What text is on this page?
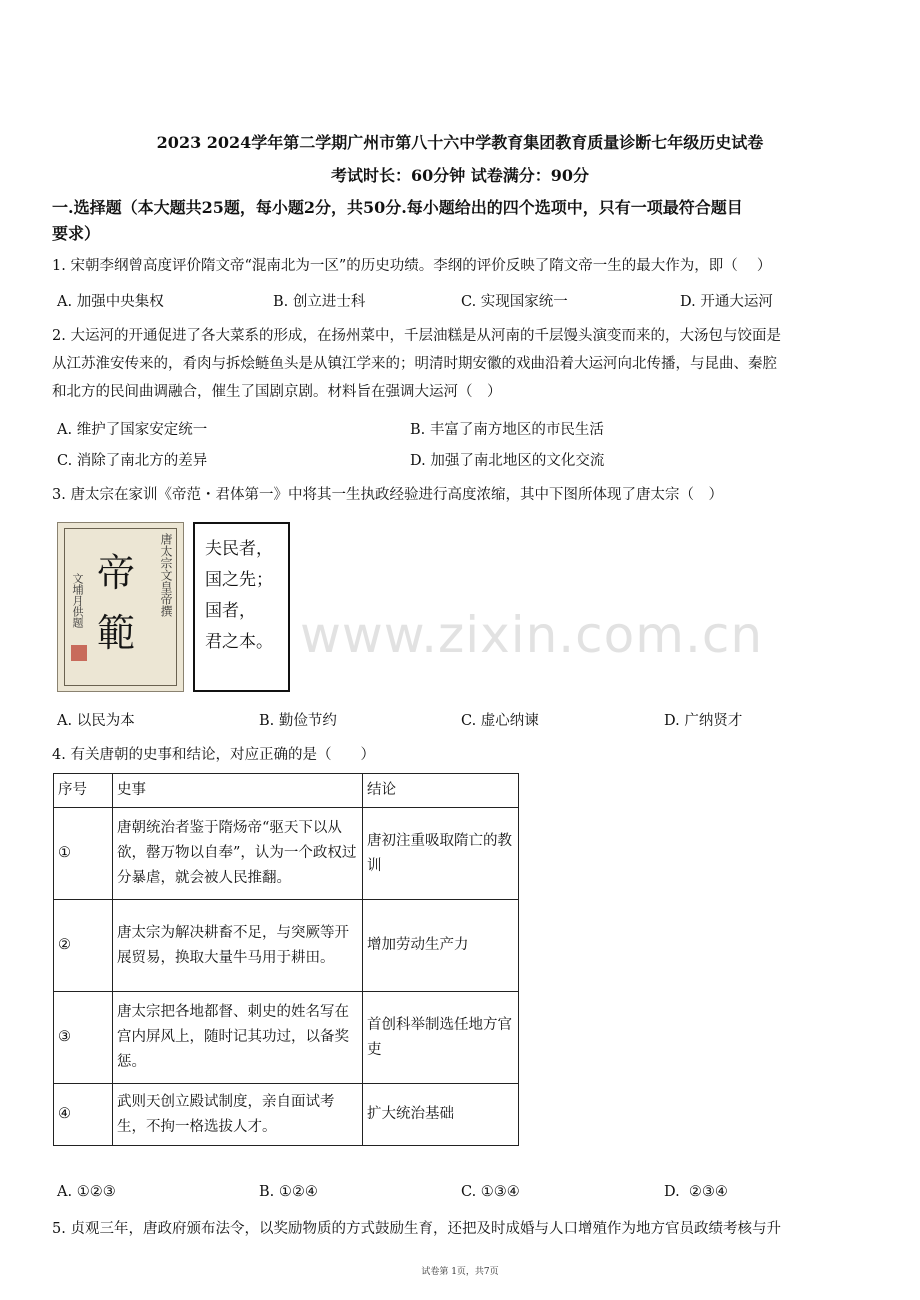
2023 2024学年第二学期广州市第八十六中学教育集团教育质量诊断七年级历史试卷
考试时长：60分钟 试卷满分：90分
一.选择题（本大题共25题，每小题2分，共50分.每小题给出的四个选项中，只有一项最符合题目
要求）
1. 宋朝李纲曾高度评价隋文帝“混南北为一区”的历史功绩。李纲的评价反映了隋文帝一生的最大作为，即（　 ）
A. 加强中央集权	B. 创立进士科	C. 实现国家统一	D. 开通大运河
2. 大运河的开通促进了各大菜系的形成，在扬州菜中，千层油糕是从河南的千层馒头演变而来的，大汤包与饺面是
从江苏淮安传来的，肴肉与拆烩鲢鱼头是从镇江学来的；明清时期安徽的戏曲沿着大运河向北传播，与昆曲、秦腔
和北方的民间曲调融合，催生了国剧京剧。材料旨在强调大运河（　）
A. 维护了国家安定统一	B. 丰富了南方地区的市民生活
C. 消除了南北方的差异	D. 加强了南北地区的文化交流
3. 唐太宗在家训《帝范・君体第一》中将其一生执政经验进行高度浓缩，其中下图所体现了唐太宗（　）
帝範
唐太宗文皇帝撰
文埔月供题
夫民者，
国之先；
国者，
君之本。 www.zixin.com.cn
A. 以民为本	B. 勤俭节约	C. 虚心纳谏	D. 广纳贤才
4. 有关唐朝的史事和结论，对应正确的是（　　）
序号	史事	结论
①	唐朝统治者鉴于隋炀帝“驱天下以从欲，罄万物以自奉”，认为一个政权过分暴虐，就会被人民推翻。	唐初注重吸取隋亡的教训
②	唐太宗为解决耕畜不足，与突厥等开展贸易，换取大量牛马用于耕田。	增加劳动生产力
③	唐太宗把各地都督、刺史的姓名写在宫内屏风上，随时记其功过，以备奖惩。	首创科举制选任地方官吏
④	武则天创立殿试制度，亲自面试考生，不拘一格选拔人才。	扩大统治基础
A. ①②③	B. ①②④	C. ①③④	D.  ②③④
5. 贞观三年，唐政府颁布法令，以奖励物质的方式鼓励生育，还把及时成婚与人口增殖作为地方官员政绩考核与升
试卷第 1页，共7页
